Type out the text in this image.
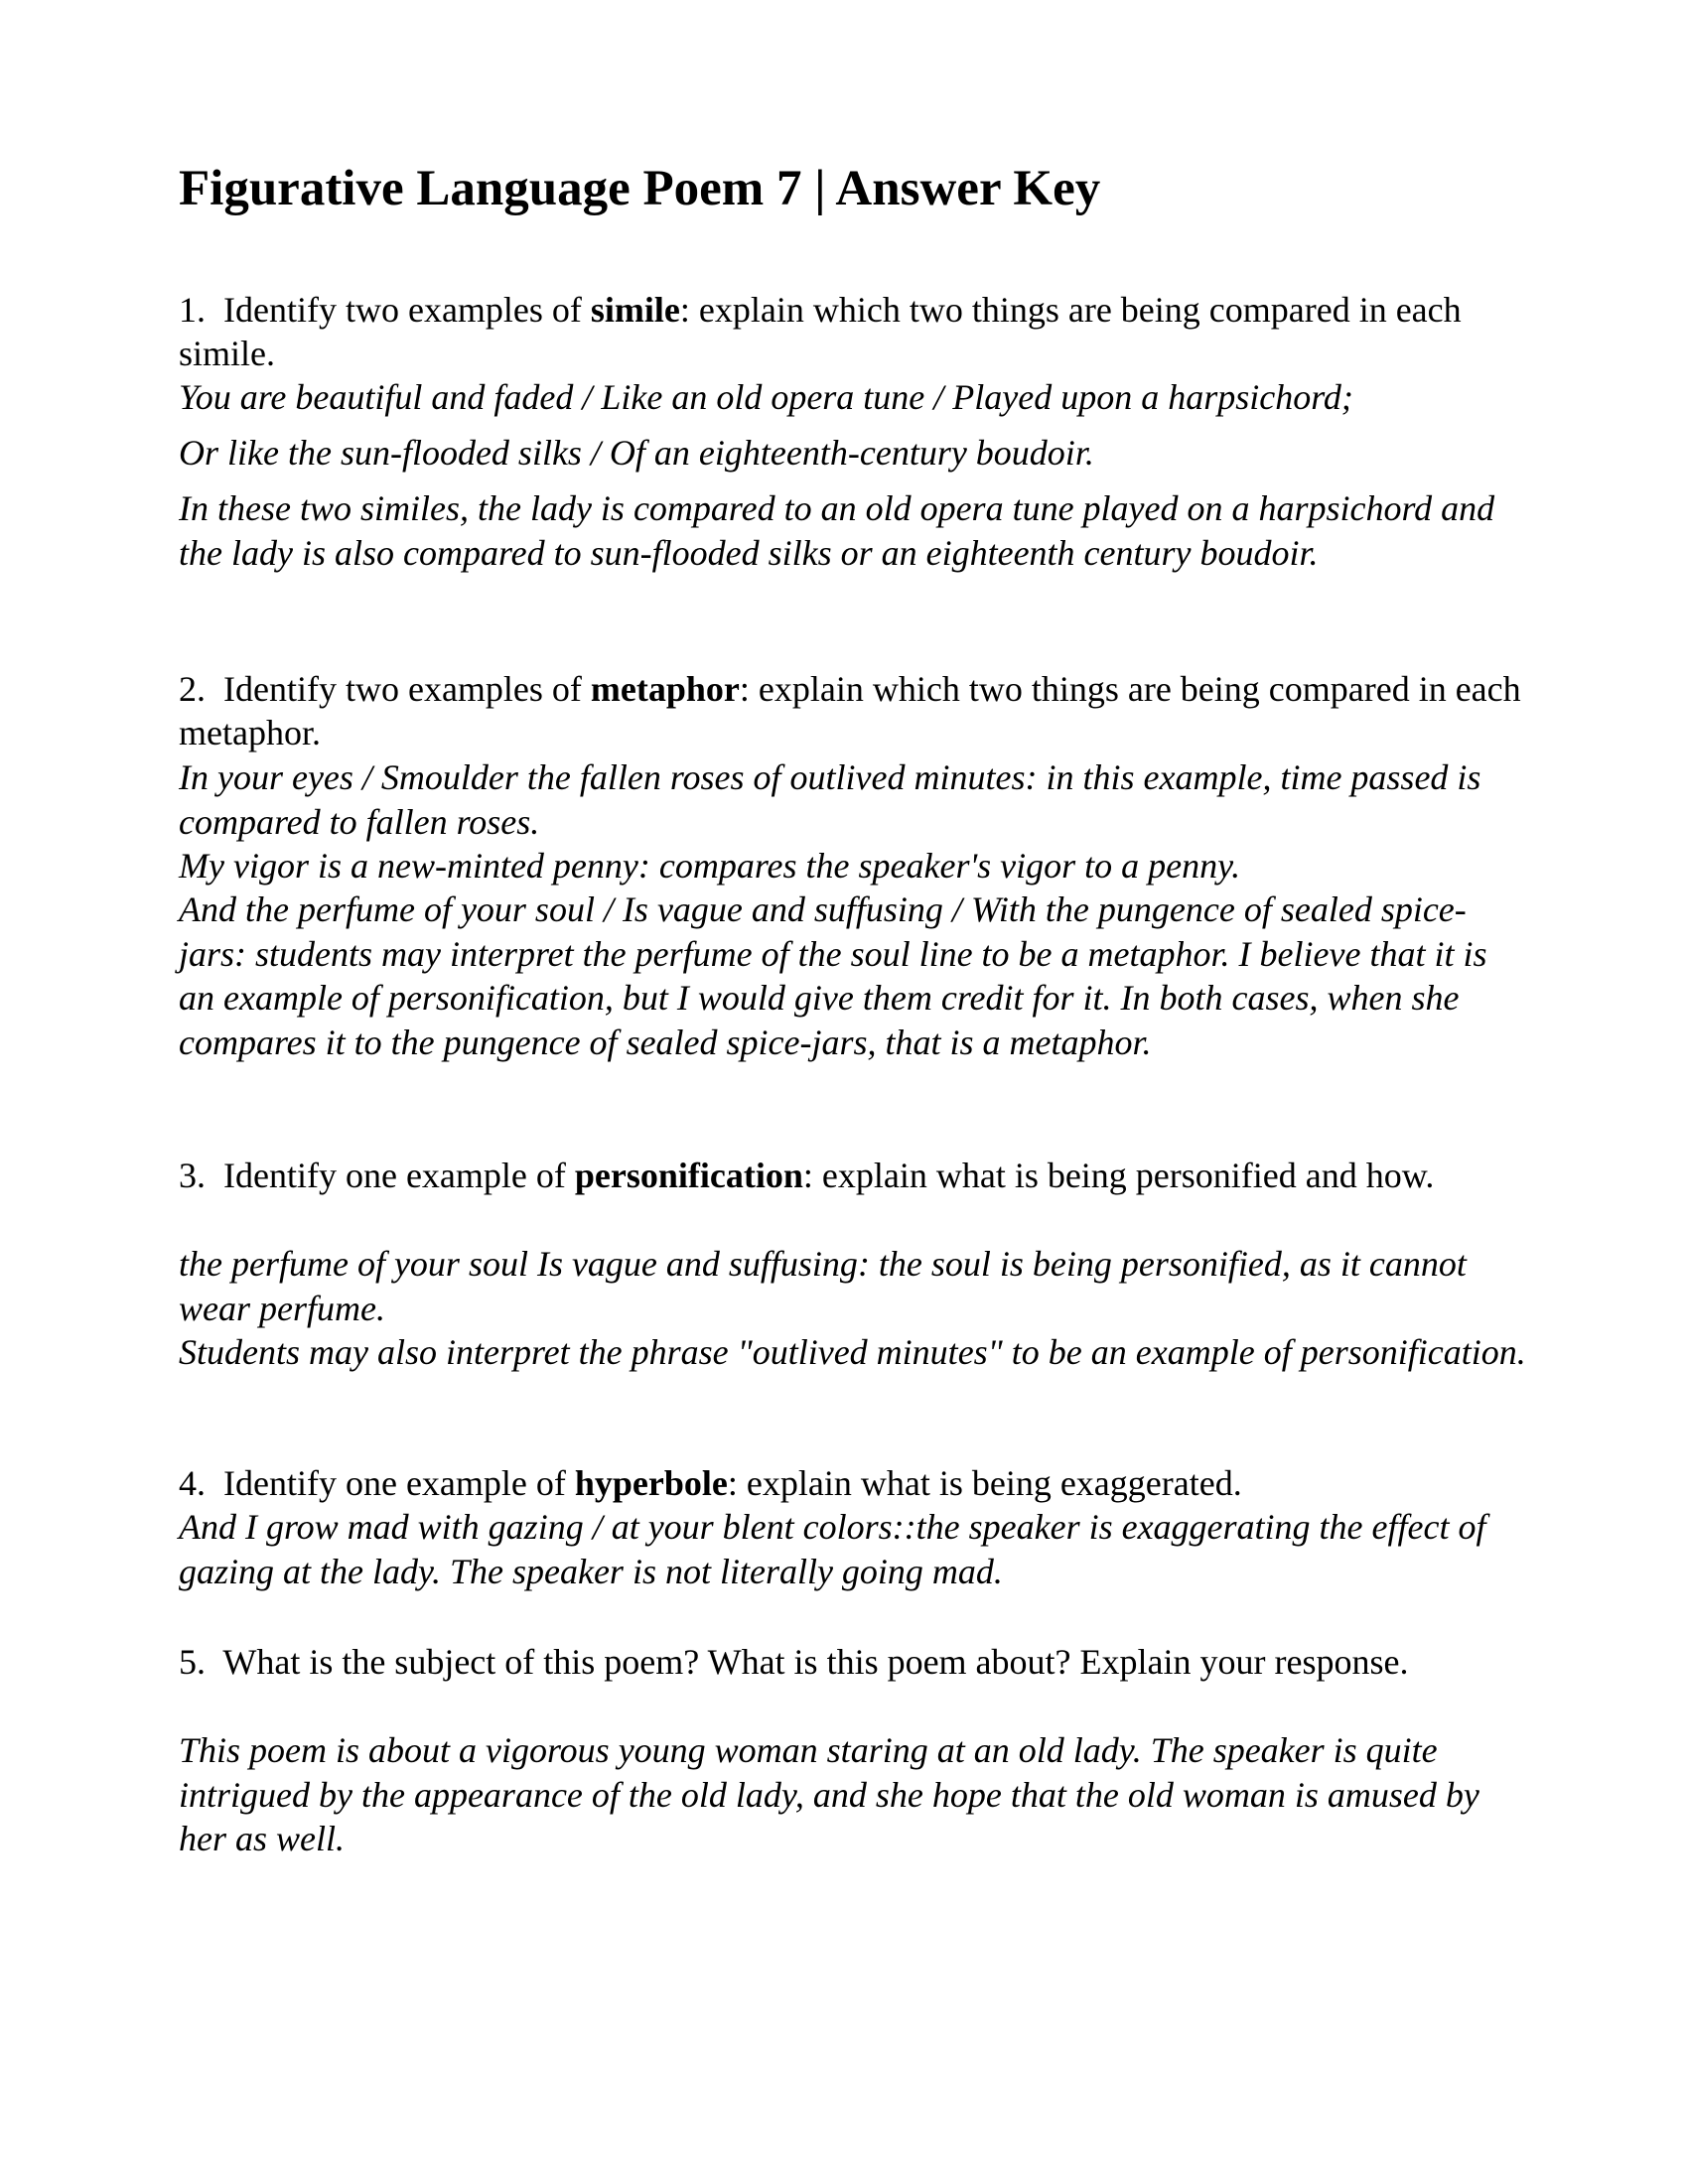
Figurative Language Poem 7 | Answer Key

1. Identify two examples of simile: explain which two things are being compared in each simile.

You are beautiful and faded / Like an old opera tune / Played upon a harpsichord;

Or like the sun-flooded silks / Of an eighteenth-century boudoir.

In these two similes, the lady is compared to an old opera tune played on a harpsichord and the lady is also compared to sun-flooded silks or an eighteenth century boudoir.

2. Identify two examples of metaphor: explain which two things are being compared in each metaphor.

In your eyes / Smoulder the fallen roses of outlived minutes: in this example, time passed is compared to fallen roses.

My vigor is a new-minted penny: compares the speaker's vigor to a penny.

And the perfume of your soul / Is vague and suffusing / With the pungence of sealed spice-jars: students may interpret the perfume of the soul line to be a metaphor. I believe that it is an example of personification, but I would give them credit for it. In both cases, when she compares it to the pungence of sealed spice-jars, that is a metaphor.

3. Identify one example of personification: explain what is being personified and how.

the perfume of your soul Is vague and suffusing: the soul is being personified, as it cannot wear perfume.

Students may also interpret the phrase "outlived minutes" to be an example of personification.

4. Identify one example of hyperbole: explain what is being exaggerated.

And I grow mad with gazing / at your blent colors::the speaker is exaggerating the effect of gazing at the lady. The speaker is not literally going mad.

5. What is the subject of this poem? What is this poem about? Explain your response.

This poem is about a vigorous young woman staring at an old lady. The speaker is quite intrigued by the appearance of the old lady, and she hope that the old woman is amused by her as well.
